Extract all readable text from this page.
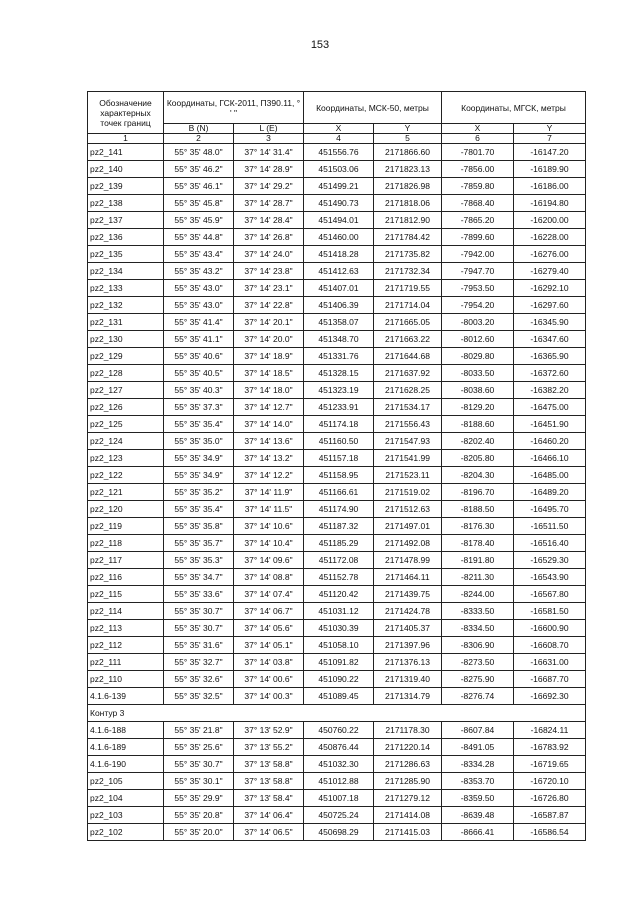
153
Обозначение характерных точек границ	Координаты, ГСК-2011, П390.11, ° ' "		Координаты, МСК-50, метры		Координаты, МГСК, метры	
	B (N)	L (E)	X	Y	X	Y
1	2	3	4	5	6	7
pz2_141	55° 35' 48.0"	37° 14' 31.4"	451556.76	2171866.60	-7801.70	-16147.20
pz2_140	55° 35' 46.2"	37° 14' 28.9"	451503.06	2171823.13	-7856.00	-16189.90
pz2_139	55° 35' 46.1"	37° 14' 29.2"	451499.21	2171826.98	-7859.80	-16186.00
pz2_138	55° 35' 45.8"	37° 14' 28.7"	451490.73	2171818.06	-7868.40	-16194.80
pz2_137	55° 35' 45.9"	37° 14' 28.4"	451494.01	2171812.90	-7865.20	-16200.00
pz2_136	55° 35' 44.8"	37° 14' 26.8"	451460.00	2171784.42	-7899.60	-16228.00
pz2_135	55° 35' 43.4"	37° 14' 24.0"	451418.28	2171735.82	-7942.00	-16276.00
pz2_134	55° 35' 43.2"	37° 14' 23.8"	451412.63	2171732.34	-7947.70	-16279.40
pz2_133	55° 35' 43.0"	37° 14' 23.1"	451407.01	2171719.55	-7953.50	-16292.10
pz2_132	55° 35' 43.0"	37° 14' 22.8"	451406.39	2171714.04	-7954.20	-16297.60
pz2_131	55° 35' 41.4"	37° 14' 20.1"	451358.07	2171665.05	-8003.20	-16345.90
pz2_130	55° 35' 41.1"	37° 14' 20.0"	451348.70	2171663.22	-8012.60	-16347.60
pz2_129	55° 35' 40.6"	37° 14' 18.9"	451331.76	2171644.68	-8029.80	-16365.90
pz2_128	55° 35' 40.5"	37° 14' 18.5"	451328.15	2171637.92	-8033.50	-16372.60
pz2_127	55° 35' 40.3"	37° 14' 18.0"	451323.19	2171628.25	-8038.60	-16382.20
pz2_126	55° 35' 37.3"	37° 14' 12.7"	451233.91	2171534.17	-8129.20	-16475.00
pz2_125	55° 35' 35.4"	37° 14' 14.0"	451174.18	2171556.43	-8188.60	-16451.90
pz2_124	55° 35' 35.0"	37° 14' 13.6"	451160.50	2171547.93	-8202.40	-16460.20
pz2_123	55° 35' 34.9"	37° 14' 13.2"	451157.18	2171541.99	-8205.80	-16466.10
pz2_122	55° 35' 34.9"	37° 14' 12.2"	451158.95	2171523.11	-8204.30	-16485.00
pz2_121	55° 35' 35.2"	37° 14' 11.9"	451166.61	2171519.02	-8196.70	-16489.20
pz2_120	55° 35' 35.4"	37° 14' 11.5"	451174.90	2171512.63	-8188.50	-16495.70
pz2_119	55° 35' 35.8"	37° 14' 10.6"	451187.32	2171497.01	-8176.30	-16511.50
pz2_118	55° 35' 35.7"	37° 14' 10.4"	451185.29	2171492.08	-8178.40	-16516.40
pz2_117	55° 35' 35.3"	37° 14' 09.6"	451172.08	2171478.99	-8191.80	-16529.30
pz2_116	55° 35' 34.7"	37° 14' 08.8"	451152.78	2171464.11	-8211.30	-16543.90
pz2_115	55° 35' 33.6"	37° 14' 07.4"	451120.42	2171439.75	-8244.00	-16567.80
pz2_114	55° 35' 30.7"	37° 14' 06.7"	451031.12	2171424.78	-8333.50	-16581.50
pz2_113	55° 35' 30.7"	37° 14' 05.6"	451030.39	2171405.37	-8334.50	-16600.90
pz2_112	55° 35' 31.6"	37° 14' 05.1"	451058.10	2171397.96	-8306.90	-16608.70
pz2_111	55° 35' 32.7"	37° 14' 03.8"	451091.82	2171376.13	-8273.50	-16631.00
pz2_110	55° 35' 32.6"	37° 14' 00.6"	451090.22	2171319.40	-8275.90	-16687.70
4.1.6-139	55° 35' 32.5"	37° 14' 00.3"	451089.45	2171314.79	-8276.74	-16692.30
Контур 3						
4.1.6-188	55° 35' 21.8"	37° 13' 52.9"	450760.22	2171178.30	-8607.84	-16824.11
4.1.6-189	55° 35' 25.6"	37° 13' 55.2"	450876.44	2171220.14	-8491.05	-16783.92
4.1.6-190	55° 35' 30.7"	37° 13' 58.8"	451032.30	2171286.63	-8334.28	-16719.65
pz2_105	55° 35' 30.1"	37° 13' 58.8"	451012.88	2171285.90	-8353.70	-16720.10
pz2_104	55° 35' 29.9"	37° 13' 58.4"	451007.18	2171279.12	-8359.50	-16726.80
pz2_103	55° 35' 20.8"	37° 14' 06.4"	450725.24	2171414.08	-8639.48	-16587.87
pz2_102	55° 35' 20.0"	37° 14' 06.5"	450698.29	2171415.03	-8666.41	-16586.54
